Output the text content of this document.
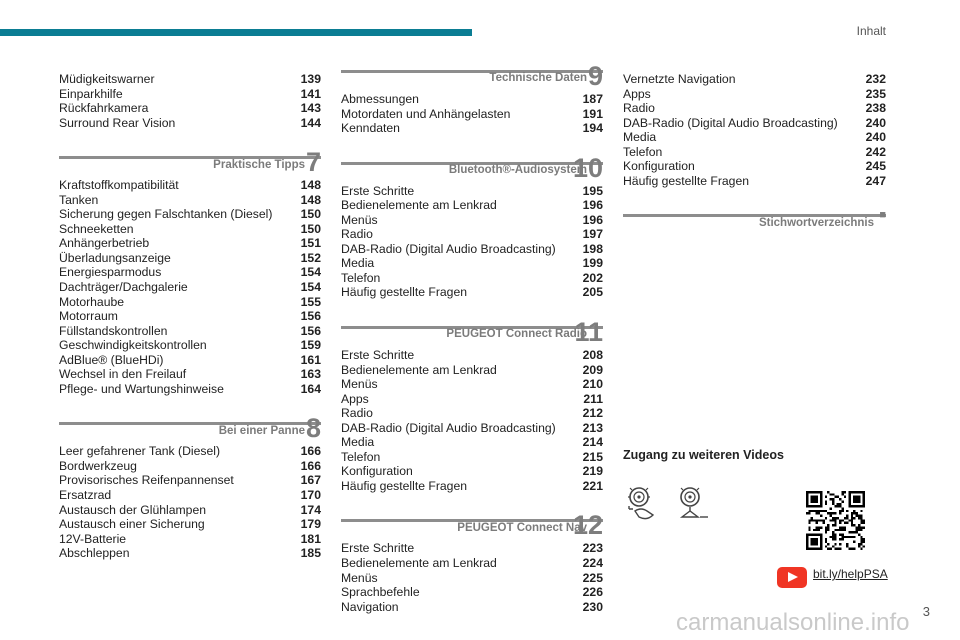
Inhalt
Müdigkeitswarner	139
Einparkhilfe	141
Rückfahrkamera	143
Surround Rear Vision	144
Praktische Tipps 7
Kraftstoffkompatibilität	148
Tanken	148
Sicherung gegen Falschtanken (Diesel) 150
Schneeketten	150
Anhängerbetrieb	151
Überladungsanzeige	152
Energiesparmodus	154
Dachträger/Dachgalerie	154
Motorhaube	155
Motorraum	156
Füllstandskontrollen	156
Geschwindigkeitskontrollen	159
AdBlue® (BlueHDi)	161
Wechsel in den Freilauf	163
Pflege- und Wartungshinweise	164
Bei einer Panne 8
Leer gefahrener Tank (Diesel)	166
Bordwerkzeug	166
Provisorisches Reifenpannenset	167
Ersatzrad	170
Austausch der Glühlampen	174
Austausch einer Sicherung	179
12V-Batterie	181
Abschleppen	185
Technische Daten 9
Abmessungen	187
Motordaten und Anhängelasten	191
Kenndaten	194
Bluetooth®-Audiosystem
10
Erste Schritte	195
Bedienelemente am Lenkrad	196
Menüs	196
Radio	197
DAB-Radio (Digital Audio Broadcasting) 198
Media	199
Telefon	202
Häufig gestellte Fragen	205
PEUGEOT Connect Radio
11
Erste Schritte	208
Bedienelemente am Lenkrad	209
Menüs	210
Apps	211
Radio	212
DAB-Radio (Digital Audio Broadcasting) 213
Media	214
Telefon	215
Konfiguration	219
Häufig gestellte Fragen	221
PEUGEOT Connect Nav
12
Erste Schritte	223
Bedienelemente am Lenkrad	224
Menüs	225
Sprachbefehle	226
Navigation	230
Vernetzte Navigation	232
Apps	235
Radio	238
DAB-Radio (Digital Audio Broadcasting) 240
Media	240
Telefon	242
Konfiguration	245
Häufig gestellte Fragen	247
Stichwortverzeichnis
■
Zugang zu weiteren Videos
bit.ly/helpPSA
3
carmanualsonline.info
